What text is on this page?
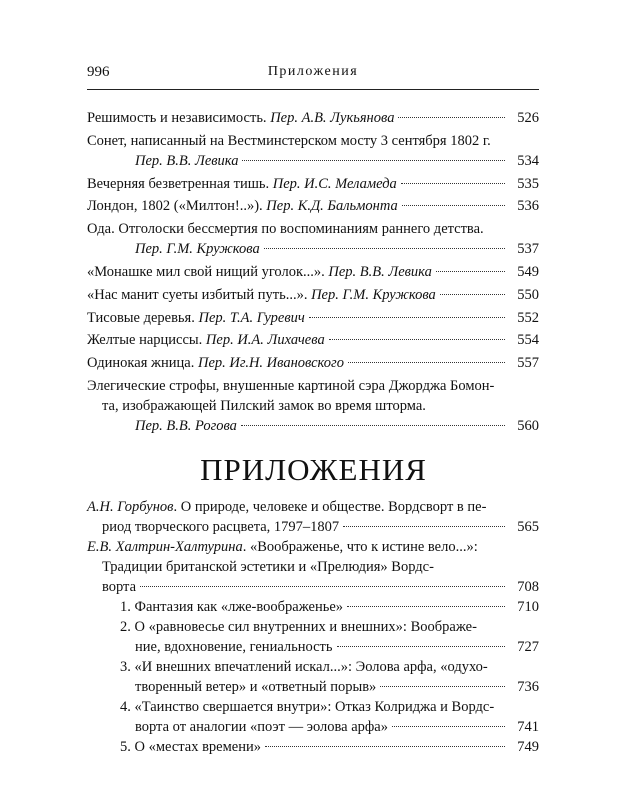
996	Приложения
Решимость и независимость. Пер. А.В. Лукьянова	526
Сонет, написанный на Вестминстерском мосту 3 сентября 1802 г.
Пер. В.В. Левика	534
Вечерняя безветренная тишь. Пер. И.С. Меламеда	535
Лондон, 1802 («Милтон!..»). Пер. К.Д. Бальмонта	536
Ода. Отголоски бессмертия по воспоминаниям раннего детства.
Пер. Г.М. Кружкова	537
«Монашке мил свой нищий уголок...». Пер. В.В. Левика	549
«Нас манит суеты избитый путь...». Пер. Г.М. Кружкова	550
Тисовые деревья. Пер. Т.А. Гуревич	552
Желтые нарциссы. Пер. И.А. Лихачева	554
Одинокая жница. Пер. Иг.Н. Ивановского	557
Элегические строфы, внушенные картиной сэра Джорджа Бомон-
та, изображающей Пилский замок во время шторма.
Пер. В.В. Рогова	560
ПРИЛОЖЕНИЯ
А.Н. Горбунов. О природе, человеке и обществе. Вордсворт в пе-
риод творческого расцвета, 1797–1807	565
Е.В. Халтрин-Халтурина. «Воображенье, что к истине вело...»:
Традиции британской эстетики и «Прелюдия» Вордс-
ворта	708
1. Фантазия как «лже-воображенье»	710
2. О «равновесье сил внутренних и внешних»: Воображе-
ние, вдохновение, гениальность	727
3. «И внешних впечатлений искал...»: Эолова арфа, «одухо-
творенный ветер» и «ответный порыв»	736
4. «Таинство свершается внутри»: Отказ Колриджа и Вордс-
ворта от аналогии «поэт — эолова арфа»	741
5. О «местах времени»	749
